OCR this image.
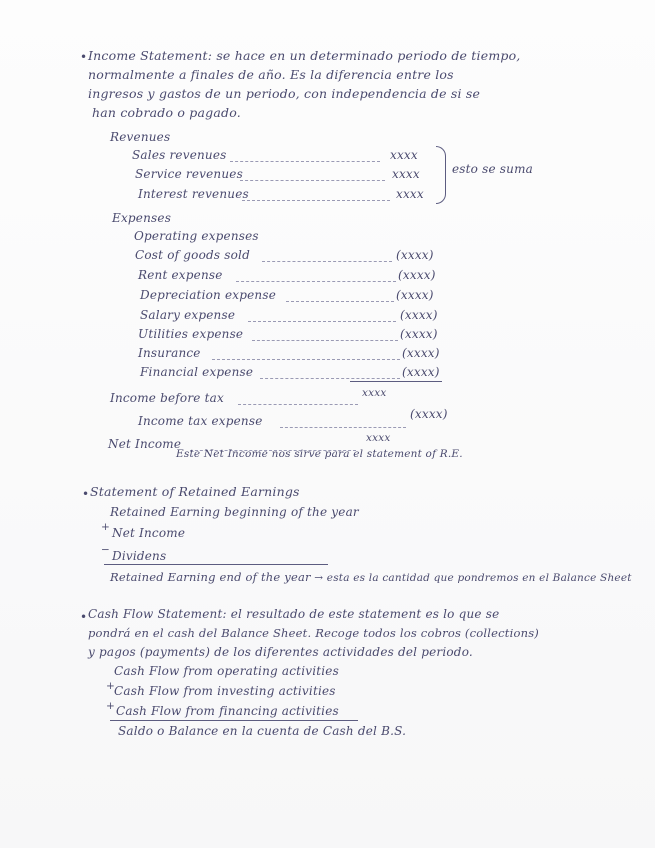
• Income Statement: se hace en un determinado periodo de tiempo,
normalmente a finales de año. Es la diferencia entre los
ingresos y gastos de un periodo, con independencia de si se
han cobrado o pagado.
Revenues
Sales revenues	xxxx
Service revenues	xxxx
Interest revenues	xxxx
esto se suma
Expenses
Operating expenses
Cost of goods sold	(xxxx)
Rent expense	(xxxx)
Depreciation expense	(xxxx)
Salary expense	(xxxx)
Utilities expense	(xxxx)
Insurance	(xxxx)
Financial expense	(xxxx)
Income before tax	xxxx
Income tax expense	(xxxx)
Net Income	xxxx
Este Net Income nos sirve para el statement of R.E.
• Statement of Retained Earnings
Retained Earning beginning of the year
+ Net Income
− Dividens
Retained Earning end of the year → esta es la cantidad que pondremos en el Balance Sheet
• Cash Flow Statement: el resultado de este statement es lo que se
pondrá en el cash del Balance Sheet. Recoge todos los cobros (collections)
y pagos (payments) de los diferentes actividades del periodo.
Cash Flow from operating activities
+ Cash Flow from investing activities
+ Cash Flow from financing activities
Saldo o Balance en la cuenta de Cash del B.S.
